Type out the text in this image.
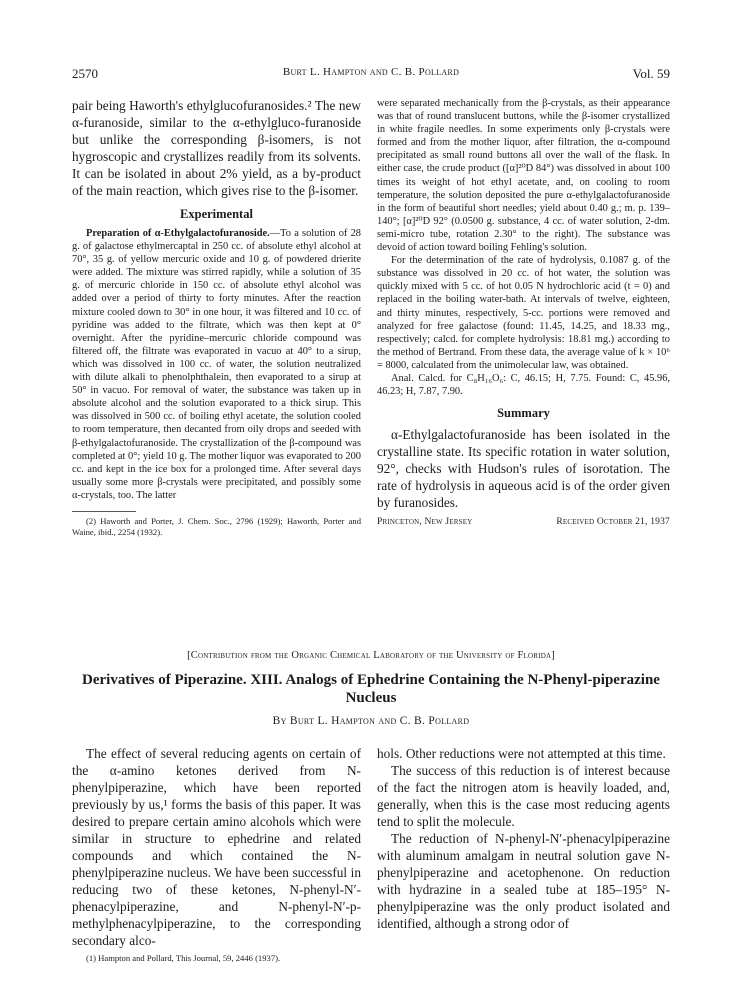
2570	Burt L. Hampton and C. B. Pollard	Vol. 59

pair being Haworth's ethylglucofuranosides.² The new α-furanoside, similar to the α-ethylgluco-furanoside but unlike the corresponding β-isomers, is not hygroscopic and crystallizes readily from its solvents. It can be isolated in about 2% yield, as a by-product of the main reaction, which gives rise to the β-isomer.

Experimental

Preparation of α-Ethylgalactofuranoside.—To a solution of 28 g. of galactose ethylmercaptal in 250 cc. of absolute ethyl alcohol at 70°, 35 g. of yellow mercuric oxide and 10 g. of powdered drierite were added. The mixture was stirred rapidly, while a solution of 35 g. of mercuric chloride in 150 cc. of absolute ethyl alcohol was added over a period of thirty to forty minutes. After the reaction mixture cooled down to 30° in one hour, it was filtered and 10 cc. of pyridine was added to the filtrate, which was then kept at 0° overnight. After the pyridine–mercuric chloride compound was filtered off, the filtrate was evaporated in vacuo at 40° to a sirup, which was dissolved in 100 cc. of water, the solution neutralized with dilute alkali to phenolphthalein, then evaporated to a sirup at 50° in vacuo. For removal of water, the substance was taken up in absolute alcohol and the solution evaporated to a thick sirup. This was dissolved in 500 cc. of boiling ethyl acetate, the solution cooled to room temperature, then decanted from oily drops and seeded with β-ethylgalactofuranoside. The crystallization of the β-compound was completed at 0°; yield 10 g. The mother liquor was evaporated to 200 cc. and kept in the ice box for a prolonged time. After several days usually some more β-crystals were precipitated, and possibly some α-crystals, too. The latter

(2) Haworth and Porter, J. Chem. Soc., 2796 (1929); Haworth, Porter and Waine, ibid., 2254 (1932).

were separated mechanically from the β-crystals, as their appearance was that of round translucent buttons, while the β-isomer crystallized in white fragile needles. In some experiments only β-crystals were formed and from the mother liquor, after filtration, the α-compound precipitated as small round buttons all over the wall of the flask. In either case, the crude product ([α]²⁰D 84°) was dissolved in about 100 times its weight of hot ethyl acetate, and, on cooling to room temperature, the solution deposited the pure α-ethylgalactofuranoside in the form of beautiful short needles; yield about 0.40 g.; m. p. 139–140°; [α]²⁰D 92° (0.0500 g. substance, 4 cc. of water solution, 2-dm. semi-micro tube, rotation 2.30° to the right). The substance was devoid of action toward boiling Fehling's solution.

For the determination of the rate of hydrolysis, 0.1087 g. of the substance was dissolved in 20 cc. of hot water, the solution was quickly mixed with 5 cc. of hot 0.05 N hydrochloric acid (t = 0) and replaced in the boiling water-bath. At intervals of twelve, eighteen, and thirty minutes, respectively, 5-cc. portions were removed and analyzed for free galactose (found: 11.45, 14.25, and 18.33 mg., respectively; calcd. for complete hydrolysis: 18.81 mg.) according to the method of Bertrand. From these data, the average value of k × 10⁶ = 8000, calculated from the unimolecular law, was obtained.

Anal. Calcd. for C₈H₁₆O₆: C, 46.15; H, 7.75. Found: C, 45.96, 46.23; H, 7.87, 7.90.

Summary

α-Ethylgalactofuranoside has been isolated in the crystalline state. Its specific rotation in water solution, 92°, checks with Hudson's rules of isorotation. The rate of hydrolysis in aqueous acid is of the order given by furanosides.

Princeton, New Jersey	Received October 21, 1937
[Contribution from the Organic Chemical Laboratory of the University of Florida]
Derivatives of Piperazine. XIII. Analogs of Ephedrine Containing the N-Phenyl-piperazine Nucleus
By Burt L. Hampton and C. B. Pollard

The effect of several reducing agents on certain of the α-amino ketones derived from N-phenylpiperazine, which have been reported previously by us,¹ forms the basis of this paper. It was desired to prepare certain amino alcohols which were similar in structure to ephedrine and related compounds and which contained the N-phenylpiperazine nucleus. We have been successful in reducing two of these ketones, N-phenyl-N′-phenacylpiperazine, and N-phenyl-N′-p-methylphenacylpiperazine, to the corresponding secondary alco-

(1) Hampton and Pollard, This Journal, 59, 2446 (1937).

hols. Other reductions were not attempted at this time.

The success of this reduction is of interest because of the fact the nitrogen atom is heavily loaded, and, generally, when this is the case most reducing agents tend to split the molecule.

The reduction of N-phenyl-N′-phenacylpiperazine with aluminum amalgam in neutral solution gave N-phenylpiperazine and acetophenone. On reduction with hydrazine in a sealed tube at 185–195° N-phenylpiperazine was the only product isolated and identified, although a strong odor of
